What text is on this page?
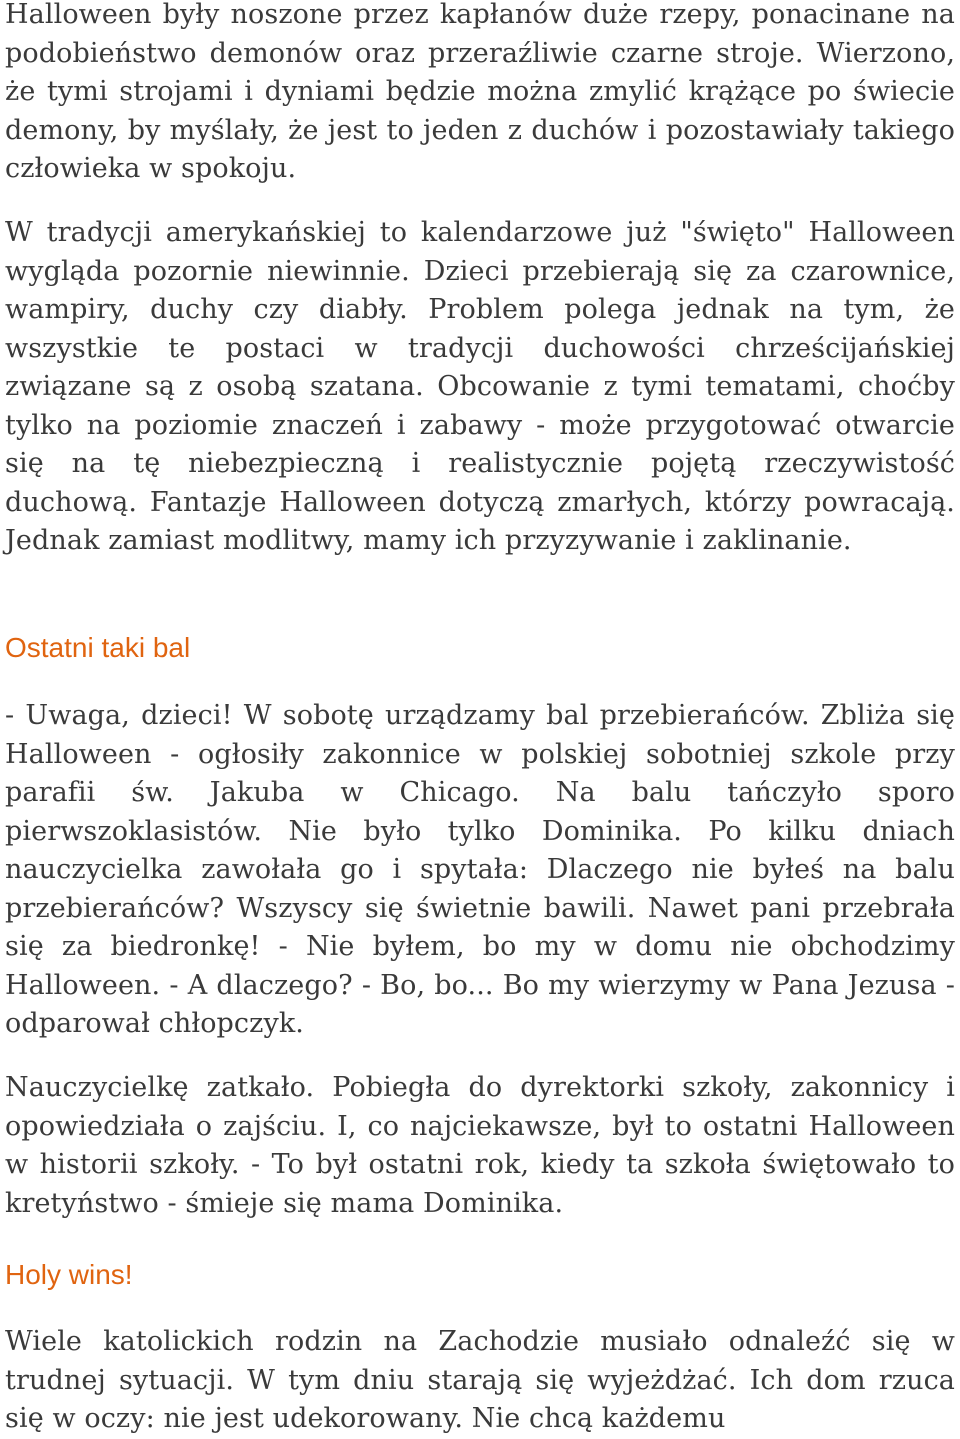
Halloween były noszone przez kapłanów duże rzepy, ponacinane na podobieństwo demonów oraz przeraźliwie czarne stroje. Wierzono, że tymi strojami i dyniami będzie można zmylić krążące po świecie demony, by myślały, że jest to jeden z duchów i pozostawiały takiego człowieka w spokoju.

W tradycji amerykańskiej to kalendarzowe już "święto" Halloween wygląda pozornie niewinnie. Dzieci przebierają się za czarownice, wampiry, duchy czy diabły. Problem polega jednak na tym, że wszystkie te postaci w tradycji duchowości chrześcijańskiej związane są z osobą szatana. Obcowanie z tymi tematami, choćby tylko na poziomie znaczeń i zabawy - może przygotować otwarcie się na tę niebezpieczną i realistycznie pojętą rzeczywistość duchową. Fantazje Halloween dotyczą zmarłych, którzy powracają. Jednak zamiast modlitwy, mamy ich przyzywanie i zaklinanie.

Ostatni taki bal

- Uwaga, dzieci! W sobotę urządzamy bal przebierańców. Zbliża się Halloween - ogłosiły zakonnice w polskiej sobotniej szkole przy parafii św. Jakuba w Chicago. Na balu tańczyło sporo pierwszoklasistów. Nie było tylko Dominika. Po kilku dniach nauczycielka zawołała go i spytała: Dlaczego nie byłeś na balu przebierańców? Wszyscy się świetnie bawili. Nawet pani przebrała się za biedronkę! - Nie byłem, bo my w domu nie obchodzimy Halloween. - A dlaczego? - Bo, bo... Bo my wierzymy w Pana Jezusa - odparował chłopczyk.

Nauczycielkę zatkało. Pobiegła do dyrektorki szkoły, zakonnicy i opowiedziała o zajściu. I, co najciekawsze, był to ostatni Halloween w historii szkoły. - To był ostatni rok, kiedy ta szkoła świętowało to kretyństwo - śmieje się mama Dominika.

Holy wins!

Wiele katolickich rodzin na Zachodzie musiało odnaleźć się w trudnej sytuacji. W tym dniu starają się wyjeżdżać. Ich dom rzuca się w oczy: nie jest udekorowany. Nie chcą każdemu
